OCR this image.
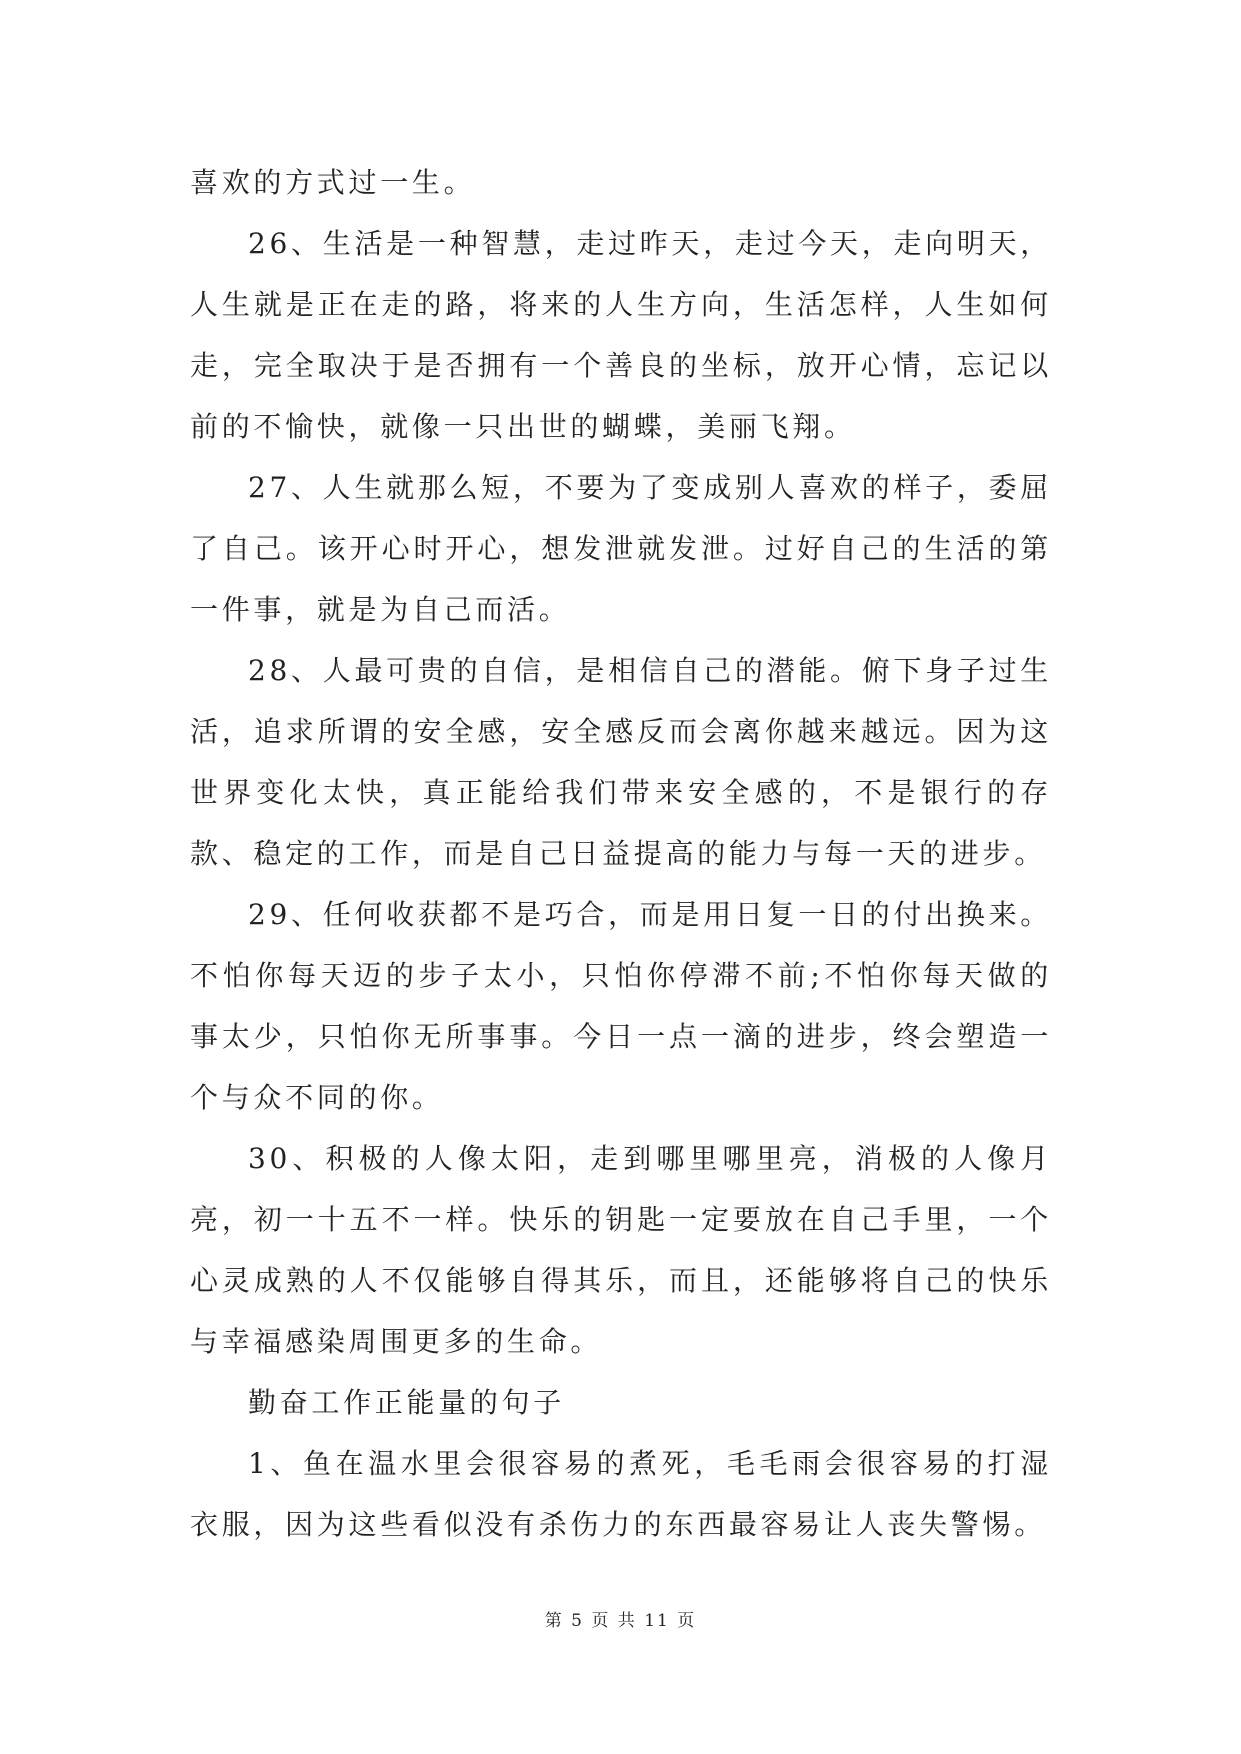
喜欢的方式过一生。

26、生活是一种智慧，走过昨天，走过今天，走向明天，人生就是正在走的路，将来的人生方向，生活怎样，人生如何走，完全取决于是否拥有一个善良的坐标，放开心情，忘记以前的不愉快，就像一只出世的蝴蝶，美丽飞翔。

27、人生就那么短，不要为了变成别人喜欢的样子，委屈了自己。该开心时开心，想发泄就发泄。过好自己的生活的第一件事，就是为自己而活。

28、人最可贵的自信，是相信自己的潜能。俯下身子过生活，追求所谓的安全感，安全感反而会离你越来越远。因为这世界变化太快，真正能给我们带来安全感的，不是银行的存款、稳定的工作，而是自己日益提高的能力与每一天的进步。

29、任何收获都不是巧合，而是用日复一日的付出换来。不怕你每天迈的步子太小，只怕你停滞不前;不怕你每天做的事太少，只怕你无所事事。今日一点一滴的进步，终会塑造一个与众不同的你。

30、积极的人像太阳，走到哪里哪里亮，消极的人像月亮，初一十五不一样。快乐的钥匙一定要放在自己手里，一个心灵成熟的人不仅能够自得其乐，而且，还能够将自己的快乐与幸福感染周围更多的生命。

勤奋工作正能量的句子

1、鱼在温水里会很容易的煮死，毛毛雨会很容易的打湿衣服，因为这些看似没有杀伤力的东西最容易让人丧失警惕。

第 5 页 共 11 页
